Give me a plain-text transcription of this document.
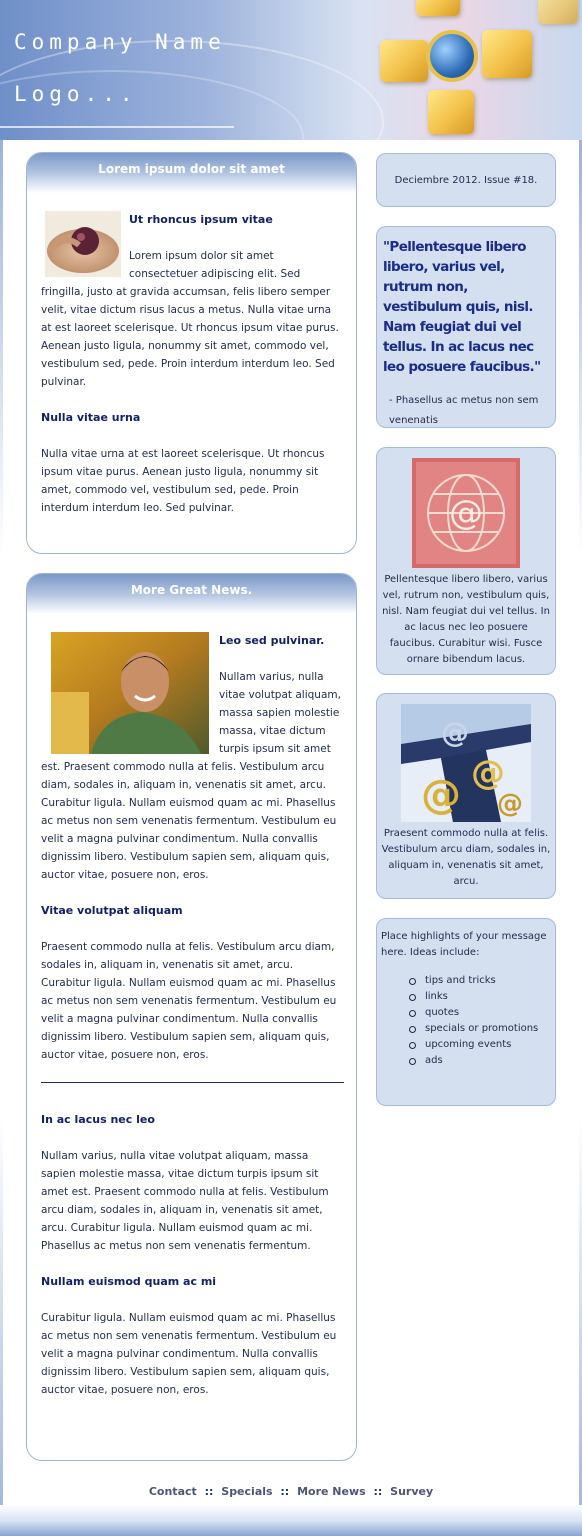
Company Name
Logo...
Lorem ipsum dolor sit amet
Ut rhoncus ipsum vitae

Lorem ipsum dolor sit amet consectetuer adipiscing elit. Sed fringilla, justo at gravida accumsan, felis libero semper velit, vitae dictum risus lacus a metus. Nulla vitae urna at est laoreet scelerisque. Ut rhoncus ipsum vitae purus. Aenean justo ligula, nonummy sit amet, commodo vel, vestibulum sed, pede. Proin interdum interdum leo. Sed pulvinar.

Nulla vitae urna

Nulla vitae urna at est laoreet scelerisque. Ut rhoncus ipsum vitae purus. Aenean justo ligula, nonummy sit amet, commodo vel, vestibulum sed, pede. Proin interdum interdum leo. Sed pulvinar.

More Great News.
Leo sed pulvinar.

Nullam varius, nulla vitae volutpat aliquam, massa sapien molestie massa, vitae dictum turpis ipsum sit amet est. Praesent commodo nulla at felis. Vestibulum arcu diam, sodales in, aliquam in, venenatis sit amet, arcu. Curabitur ligula. Nullam euismod quam ac mi. Phasellus ac metus non sem venenatis fermentum. Vestibulum eu velit a magna pulvinar condimentum. Nulla convallis dignissim libero. Vestibulum sapien sem, aliquam quis, auctor vitae, posuere non, eros.

Vitae volutpat aliquam

Praesent commodo nulla at felis. Vestibulum arcu diam, sodales in, aliquam in, venenatis sit amet, arcu. Curabitur ligula. Nullam euismod quam ac mi. Phasellus ac metus non sem venenatis fermentum. Vestibulum eu velit a magna pulvinar condimentum. Nulla convallis dignissim libero. Vestibulum sapien sem, aliquam quis, auctor vitae, posuere non, eros.

In ac lacus nec leo

Nullam varius, nulla vitae volutpat aliquam, massa sapien molestie massa, vitae dictum turpis ipsum sit amet est. Praesent commodo nulla at felis. Vestibulum arcu diam, sodales in, aliquam in, venenatis sit amet, arcu. Curabitur ligula. Nullam euismod quam ac mi. Phasellus ac metus non sem venenatis fermentum.

Nullam euismod quam ac mi

Curabitur ligula. Nullam euismod quam ac mi. Phasellus ac metus non sem venenatis fermentum. Vestibulum eu velit a magna pulvinar condimentum. Nulla convallis dignissim libero. Vestibulum sapien sem, aliquam quis, auctor vitae, posuere non, eros.

Deciembre 2012. Issue #18.
"Pellentesque libero libero, varius vel, rutrum non, vestibulum quis, nisl. Nam feugiat dui vel tellus. In ac lacus nec leo posuere faucibus."
- Phasellus ac metus non sem venenatis
@
Pellentesque libero libero, varius vel, rutrum non, vestibulum quis, nisl. Nam feugiat dui vel tellus. In ac lacus nec leo posuere faucibus. Curabitur wisi. Fusce ornare bibendum lacus.
@ @
@
@
Praesent commodo nulla at felis. Vestibulum arcu diam, sodales in, aliquam in, venenatis sit amet, arcu.
Place highlights of your message here. Ideas include:
tips and tricks
links
quotes
specials or promotions
upcoming events
ads
Contact :: Specials :: More News :: Survey
